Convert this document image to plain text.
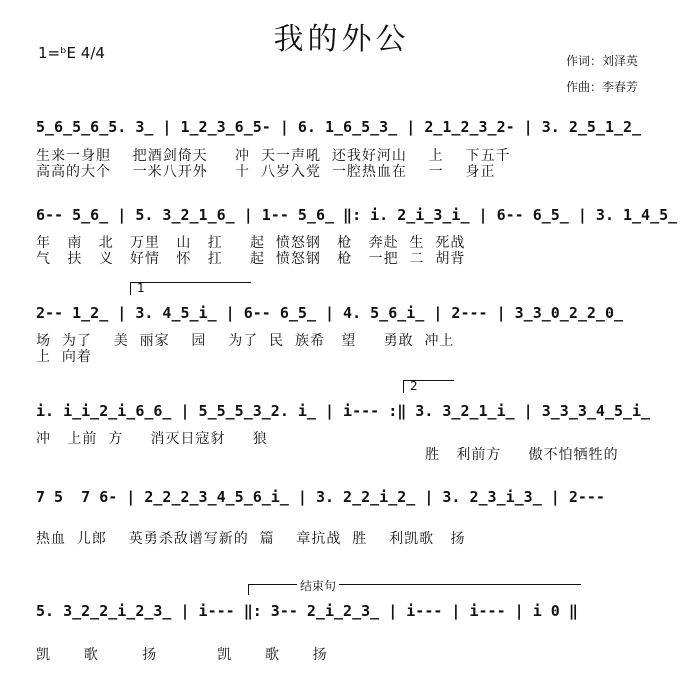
我的外公
1=ᵇE 4/4	作词：刘泽英
作曲：李春芳
5̲6̲5̲6̲5. 3̲ | 1̲2̲3̲6̲5- | 6. 1̲6̲5̲3̲ | 2̲1̲2̲3̲2- | 3. 2̲5̲1̲2̲
生来一身胆    把酒剑倚天     冲  天一声吼  还我好河山    上    下五千
高高的大个    一米八开外     十  八岁入党  一腔热血在    一    身正
6-- 5̲6̲ | 5. 3̲2̲1̲6̲ | 1-- 5̲6̲ ‖: i. 2̲i̲3̲i̲ | 6-- 6̲5̲ | 3. 1̲4̲5̲
年   南   北   万里   山   扛     起  愤怒钢   枪   奔赴  生  死战
气   扶   义   好情   怀   扛     起  愤怒钢   枪   一把  二  胡背
1
2-- 1̲2̲ | 3. 4̲5̲i̲ | 6-- 6̲5̲ | 4. 5̲6̲i̲ | 2--- | 3̲3̲0̲2̲2̲0̲
场  为了    美  丽家    园    为了  民  族希   望     勇敢  冲上
上  向着
2
i. i̲i̲2̲i̲6̲6̲ | 5̲5̲5̲3̲2. i̲ | i--- :‖ 3. 3̲2̲1̲i̲ | 3̲3̲3̲4̲5̲i̲
冲   上前  方     消灭日寇豺     狼
胜   利前方     傲不怕牺牲的
7 5  7 6- | 2̲2̲2̲3̲4̲5̲6̲i̲ | 3. 2̲2̲i̲2̲ | 3. 2̲3̲i̲3̲ | 2---
热血  儿郎    英勇杀敌谱写新的  篇    章抗战  胜    利凯歌   扬
结束句
5. 3̲2̲2̲i̲2̲3̲ | i--- ‖: 3-- 2̲i̲2̲3̲ | i--- | i--- | i 0 ‖
凯      歌        扬           凯      歌      扬
